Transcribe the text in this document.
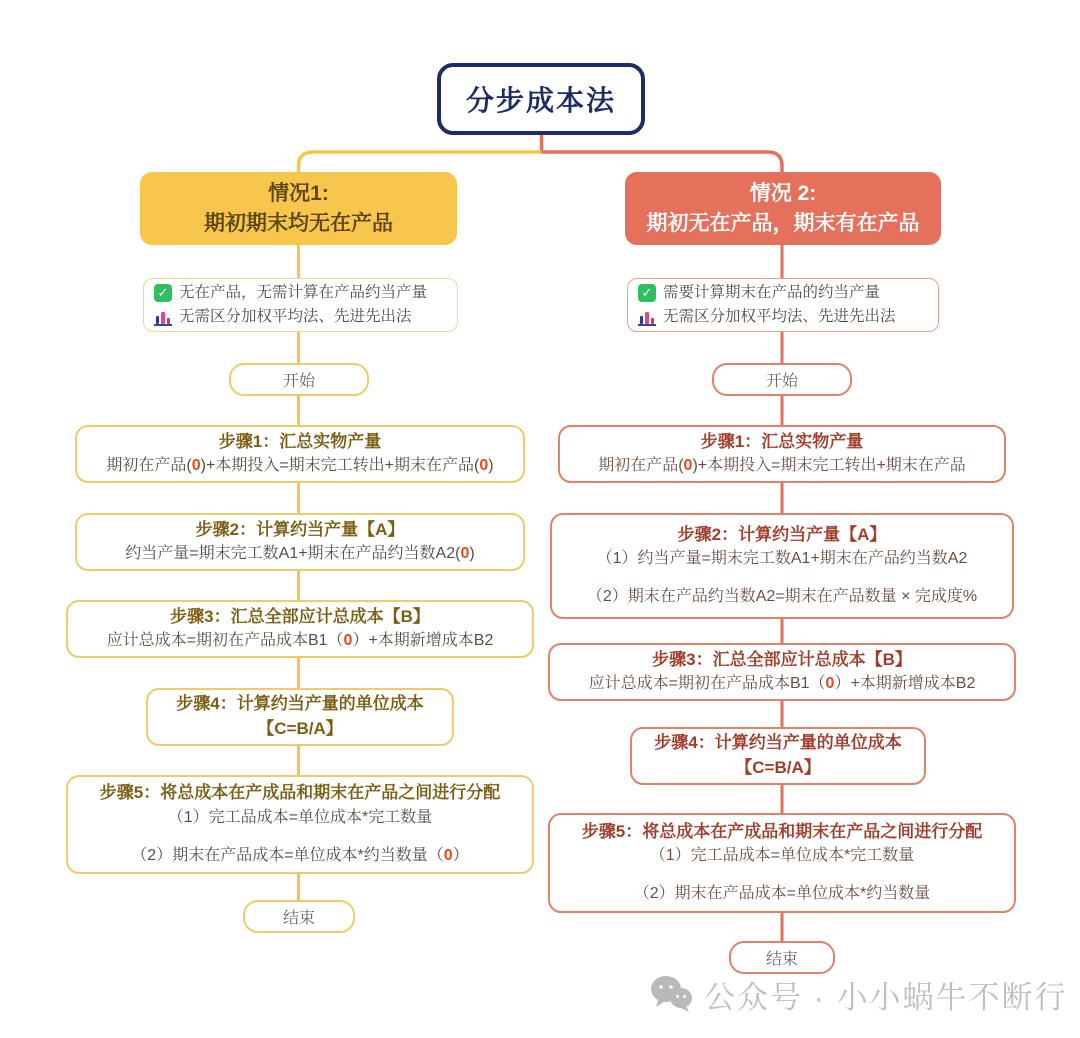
分步成本法
情况1:
期初期末均无在产品
✓ 无在产品，无需计算在产品约当产量
无需区分加权平均法、先进先出法
开始
步骤1：汇总实物产量
期初在产品(0)+本期投入=期末完工转出+期末在产品(0)
步骤2：计算约当产量【A】
约当产量=期末完工数A1+期末在产品约当数A2(0)
步骤3：汇总全部应计总成本【B】
应计总成本=期初在产品成本B1（0）+本期新增成本B2
步骤4：计算约当产量的单位成本
【C=B/A】
步骤5：将总成本在产成品和期末在产品之间进行分配
（1）完工品成本=单位成本*完工数量
（2）期末在产品成本=单位成本*约当数量（0）
结束
情况 2:
期初无在产品，期末有在产品
✓ 需要计算期末在产品的约当产量
无需区分加权平均法、先进先出法
开始
步骤1：汇总实物产量
期初在产品(0)+本期投入=期末完工转出+期末在产品
步骤2：计算约当产量【A】
（1）约当产量=期末完工数A1+期末在产品约当数A2
（2）期末在产品约当数A2=期末在产品数量 × 完成度%
步骤3：汇总全部应计总成本【B】
应计总成本=期初在产品成本B1（0）+本期新增成本B2
步骤4：计算约当产量的单位成本
【C=B/A】
步骤5：将总成本在产成品和期末在产品之间进行分配
（1）完工品成本=单位成本*完工数量
（2）期末在产品成本=单位成本*约当数量
结束
公众号 · 小小蜗牛不断行
